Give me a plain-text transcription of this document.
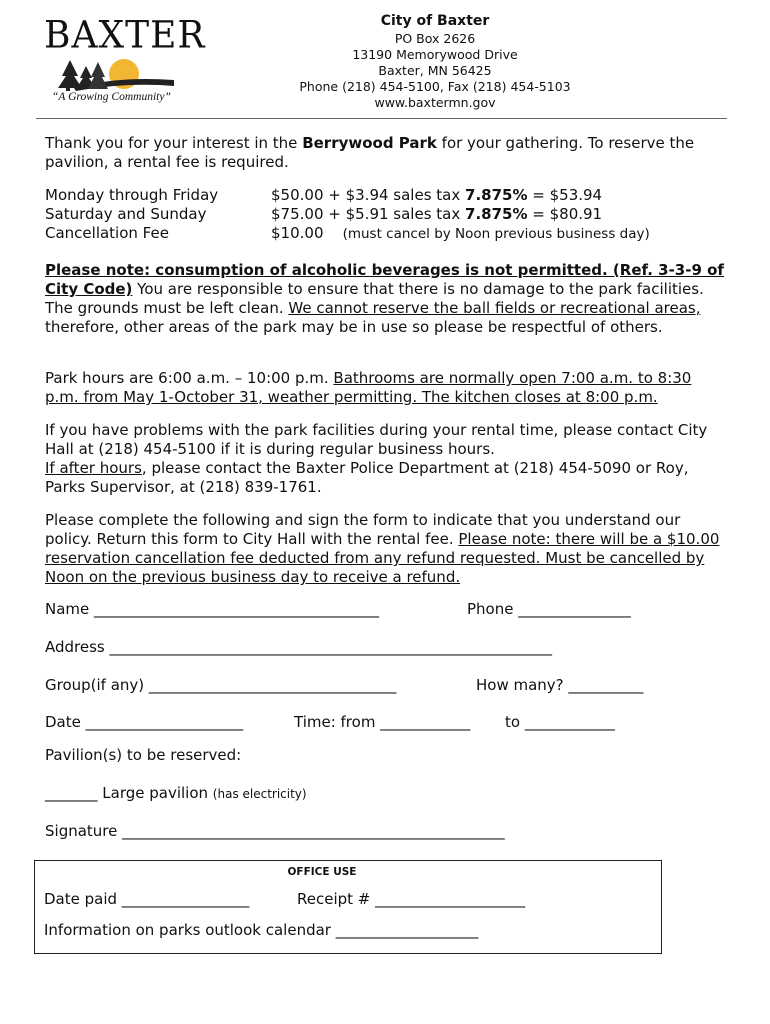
BAXTER
“A Growing Community”
City of Baxter
PO Box 2626
13190 Memorywood Drive
Baxter, MN 56425
Phone (218) 454-5100, Fax (218) 454-5103
www.baxtermn.gov

Thank you for your interest in the Berrywood Park for your gathering. To reserve the pavilion, a rental fee is required.

Monday through Friday	$50.00 + $3.94 sales tax 7.875% = $53.94
Saturday and Sunday	$75.00 + $5.91 sales tax 7.875% = $80.91
Cancellation Fee	$10.00 (must cancel by Noon previous business day)

Please note: consumption of alcoholic beverages is not permitted. (Ref. 3-3-9 of City Code) You are responsible to ensure that there is no damage to the park facilities. The grounds must be left clean. We cannot reserve the ball fields or recreational areas, therefore, other areas of the park may be in use so please be respectful of others.

Park hours are 6:00 a.m. – 10:00 p.m. Bathrooms are normally open 7:00 a.m. to 8:30 p.m. from May 1-October 31, weather permitting. The kitchen closes at 8:00 p.m.

If you have problems with the park facilities during your rental time, please contact City Hall at (218) 454-5100 if it is during regular business hours.
If after hours, please contact the Baxter Police Department at (218) 454-5090 or Roy, Parks Supervisor, at (218) 839-1761.

Please complete the following and sign the form to indicate that you understand our policy. Return this form to City Hall with the rental fee. Please note: there will be a $10.00 reservation cancellation fee deducted from any refund requested. Must be cancelled by Noon on the previous business day to receive a refund.

Name ______________________________________	Phone _______________
Address ___________________________________________________________
Group(if any) _________________________________	How many? __________
Date _____________________	Time: from ____________ to ____________
Pavilion(s) to be reserved:
_______ Large pavilion (has electricity)
Signature ___________________________________________________
OFFICE USE
Date paid _________________	Receipt # ____________________
Information on parks outlook calendar ___________________
